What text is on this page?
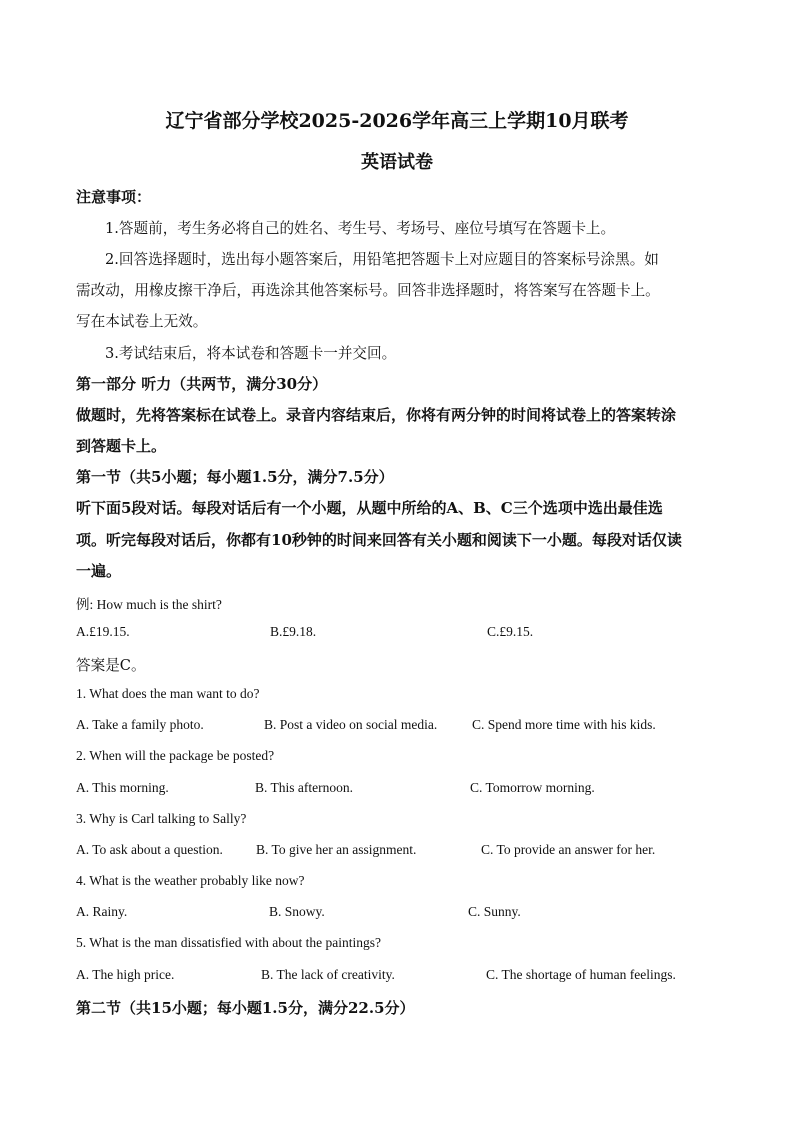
辽宁省部分学校2025-2026学年高三上学期10月联考
英语试卷
注意事项：
1.答题前，考生务必将自己的姓名、考生号、考场号、座位号填写在答题卡上。
2.回答选择题时，选出每小题答案后，用铅笔把答题卡上对应题目的答案标号涂黑。如
需改动，用橡皮擦干净后，再选涂其他答案标号。回答非选择题时，将答案写在答题卡上。
写在本试卷上无效。
3.考试结束后，将本试卷和答题卡一并交回。
第一部分 听力（共两节，满分30分）
做题时，先将答案标在试卷上。录音内容结束后，你将有两分钟的时间将试卷上的答案转涂
到答题卡上。
第一节（共5小题；每小题1.5分，满分7.5分）
听下面5段对话。每段对话后有一个小题，从题中所给的A、B、C三个选项中选出最佳选
项。听完每段对话后，你都有10秒钟的时间来回答有关小题和阅读下一小题。每段对话仅读
一遍。
例: How much is the shirt?
A.£19.15.	B.£9.18.	C.£9.15.
答案是C。
1. What does the man want to do?
A. Take a family photo.	B. Post a video on social media.	C. Spend more time with his kids.
2. When will the package be posted?
A. This morning.	B. This afternoon.	C. Tomorrow morning.
3. Why is Carl talking to Sally?
A. To ask about a question. B. To give her an assignment.	C. To provide an answer for her.
4. What is the weather probably like now?
A. Rainy.	B. Snowy.	C. Sunny.
5. What is the man dissatisfied with about the paintings?
A. The high price.	B. The lack of creativity.	C. The shortage of human feelings.
第二节（共15小题；每小题1.5分，满分22.5分）
